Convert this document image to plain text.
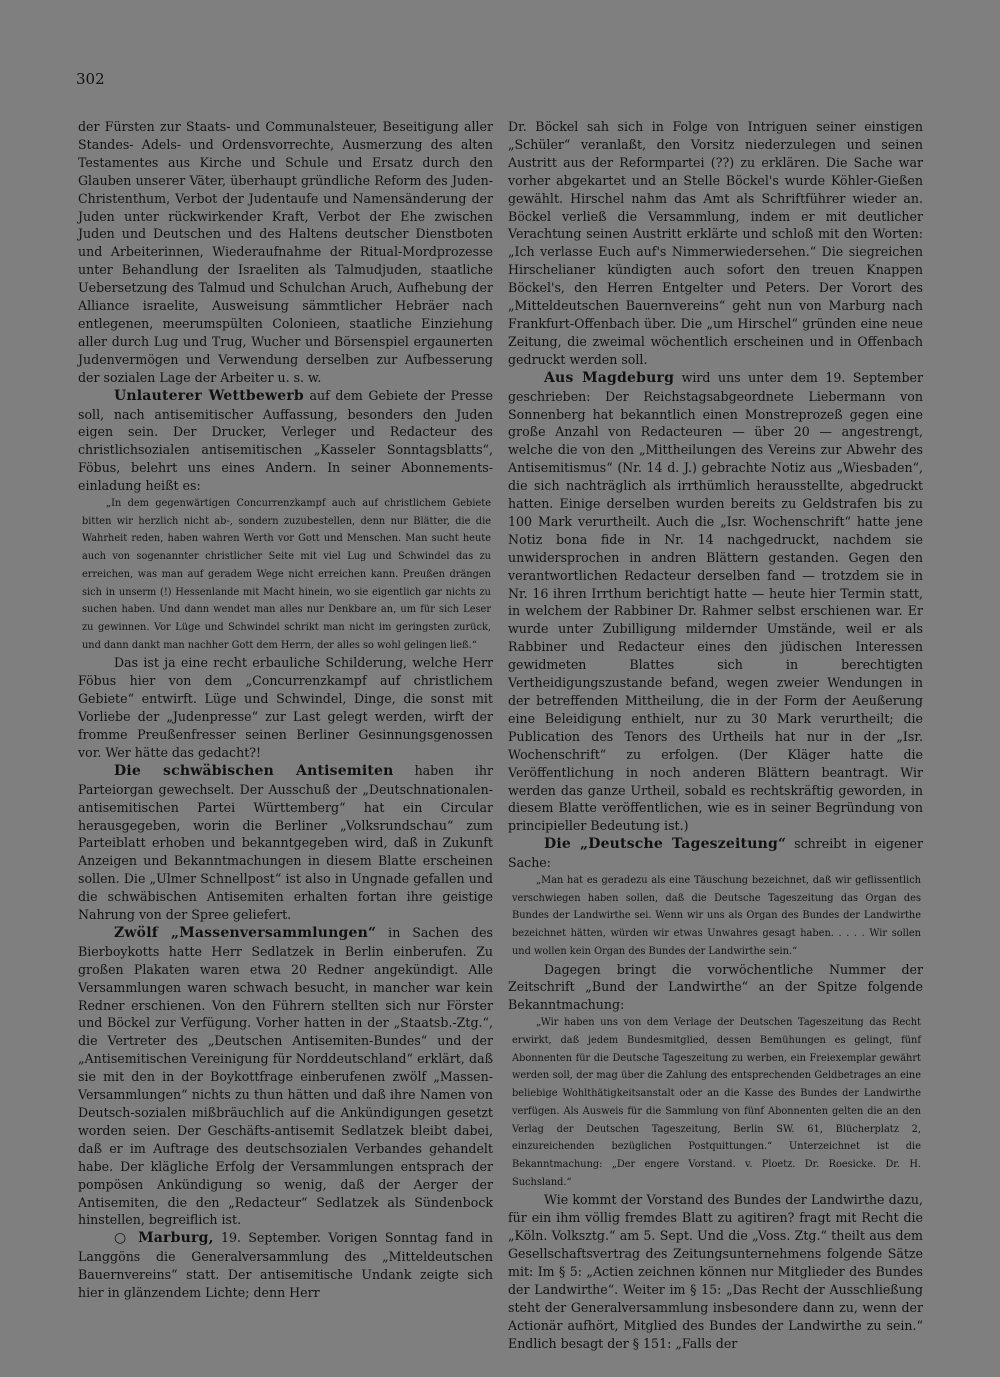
302

der Fürsten zur Staats- und Communalsteuer, Beseitigung aller Standes- Adels- und Ordensvorrechte, Ausmerzung des alten Testamentes aus Kirche und Schule und Ersatz durch den Glauben unserer Väter, überhaupt gründliche Reform des Juden-Christenthum, Verbot der Judentaufe und Namensänderung der Juden unter rückwirkender Kraft, Verbot der Ehe zwischen Juden und Deutschen und des Haltens deutscher Dienstboten und Arbeiterinnen, Wiederaufnahme der Ritual-Mordprozesse unter Behandlung der Israeliten als Talmudjuden, staatliche Uebersetzung des Talmud und Schulchan Aruch, Aufhebung der Alliance israelite, Ausweisung sämmtlicher Hebräer nach entlegenen, meerumspülten Colonieen, staatliche Einziehung aller durch Lug und Trug, Wucher und Börsenspiel ergaunerten Judenvermögen und Verwendung derselben zur Aufbesserung der sozialen Lage der Arbeiter u. s. w.

Unlauterer Wettbewerb auf dem Gebiete der Presse soll, nach antisemitischer Auffassung, besonders den Juden eigen sein. Der Drucker, Verleger und Redacteur des christlichsozialen antisemitischen „Kasseler Sonntagsblatts“, Föbus, belehrt uns eines Andern. In seiner Abonnements-einladung heißt es:

„In dem gegenwärtigen Concurrenzkampf auch auf christlichem Gebiete bitten wir herzlich nicht ab-, sondern zuzubestellen, denn nur Blätter, die die Wahrheit reden, haben wahren Werth vor Gott und Menschen. Man sucht heute auch von sogenannter christlicher Seite mit viel Lug und Schwindel das zu erreichen, was man auf geradem Wege nicht erreichen kann. Preußen drängen sich in unserm (!) Hessenlande mit Macht hinein, wo sie eigentlich gar nichts zu suchen haben. Und dann wendet man alles nur Denkbare an, um für sich Leser zu gewinnen. Vor Lüge und Schwindel schrikt man nicht im geringsten zurück, und dann dankt man nachher Gott dem Herrn, der alles so wohl gelingen ließ.“

Das ist ja eine recht erbauliche Schilderung, welche Herr Föbus hier von dem „Concurrenzkampf auf christlichem Gebiete“ entwirft. Lüge und Schwindel, Dinge, die sonst mit Vorliebe der „Judenpresse“ zur Last gelegt werden, wirft der fromme Preußenfresser seinen Berliner Gesinnungsgenossen vor. Wer hätte das gedacht?!

Die schwäbischen Antisemiten haben ihr Parteiorgan gewechselt. Der Ausschuß der „Deutschnationalen-antisemitischen Partei Württemberg“ hat ein Circular herausgegeben, worin die Berliner „Volksrundschau“ zum Parteiblatt erhoben und bekanntgegeben wird, daß in Zukunft Anzeigen und Bekanntmachungen in diesem Blatte erscheinen sollen. Die „Ulmer Schnellpost“ ist also in Ungnade gefallen und die schwäbischen Antisemiten erhalten fortan ihre geistige Nahrung von der Spree geliefert.

Zwölf „Massenversammlungen“ in Sachen des Bierboykotts hatte Herr Sedlatzek in Berlin einberufen. Zu großen Plakaten waren etwa 20 Redner angekündigt. Alle Versammlungen waren schwach besucht, in mancher war kein Redner erschienen. Von den Führern stellten sich nur Förster und Böckel zur Verfügung. Vorher hatten in der „Staatsb.-Ztg.“, die Vertreter des „Deutschen Antisemiten-Bundes“ und der „Antisemitischen Vereinigung für Norddeutschland“ erklärt, daß sie mit den in der Boykottfrage einberufenen zwölf „Massen-Versammlungen“ nichts zu thun hätten und daß ihre Namen von Deutsch-sozialen mißbräuchlich auf die Ankündigungen gesetzt worden seien. Der Geschäfts-antisemit Sedlatzek bleibt dabei, daß er im Auftrage des deutschsozialen Verbandes gehandelt habe. Der klägliche Erfolg der Versammlungen entsprach der pompösen Ankündigung so wenig, daß der Aerger der Antisemiten, die den „Redacteur“ Sedlatzek als Sündenbock hinstellen, begreiflich ist.

○ Marburg, 19. September. Vorigen Sonntag fand in Langgöns die Generalversammlung des „Mitteldeutschen Bauernvereins“ statt. Der antisemitische Undank zeigte sich hier in glänzendem Lichte; denn Herr

Dr. Böckel sah sich in Folge von Intriguen seiner einstigen „Schüler“ veranlaßt, den Vorsitz niederzulegen und seinen Austritt aus der Reformpartei (??) zu erklären. Die Sache war vorher abgekartet und an Stelle Böckel's wurde Köhler-Gießen gewählt. Hirschel nahm das Amt als Schriftführer wieder an. Böckel verließ die Versammlung, indem er mit deutlicher Verachtung seinen Austritt erklärte und schloß mit den Worten: „Ich verlasse Euch auf's Nimmerwiedersehen.“ Die siegreichen Hirschelianer kündigten auch sofort den treuen Knappen Böckel's, den Herren Entgelter und Peters. Der Vorort des „Mitteldeutschen Bauernvereins“ geht nun von Marburg nach Frankfurt-Offenbach über. Die „um Hirschel“ gründen eine neue Zeitung, die zweimal wöchentlich erscheinen und in Offenbach gedruckt werden soll.

Aus Magdeburg wird uns unter dem 19. September geschrieben: Der Reichstagsabgeordnete Liebermann von Sonnenberg hat bekanntlich einen Monstreprozeß gegen eine große Anzahl von Redacteuren — über 20 — angestrengt, welche die von den „Mittheilungen des Vereins zur Abwehr des Antisemitismus“ (Nr. 14 d. J.) gebrachte Notiz aus „Wiesbaden“, die sich nachträglich als irrthümlich herausstellte, abgedruckt hatten. Einige derselben wurden bereits zu Geldstrafen bis zu 100 Mark verurtheilt. Auch die „Isr. Wochenschrift“ hatte jene Notiz bona fide in Nr. 14 nachgedruckt, nachdem sie unwidersprochen in andren Blättern gestanden. Gegen den verantwortlichen Redacteur derselben fand — trotzdem sie in Nr. 16 ihren Irrthum berichtigt hatte — heute hier Termin statt, in welchem der Rabbiner Dr. Rahmer selbst erschienen war. Er wurde unter Zubilligung mildernder Umstände, weil er als Rabbiner und Redacteur eines den jüdischen Interessen gewidmeten Blattes sich in berechtigten Vertheidigungszustande befand, wegen zweier Wendungen in der betreffenden Mittheilung, die in der Form der Aeußerung eine Beleidigung enthielt, nur zu 30 Mark verurtheilt; die Publication des Tenors des Urtheils hat nur in der „Isr. Wochenschrift“ zu erfolgen. (Der Kläger hatte die Veröffentlichung in noch anderen Blättern beantragt. Wir werden das ganze Urtheil, sobald es rechtskräftig geworden, in diesem Blatte veröffentlichen, wie es in seiner Begründung von principieller Bedeutung ist.)

Die „Deutsche Tageszeitung“ schreibt in eigener Sache:

„Man hat es geradezu als eine Täuschung bezeichnet, daß wir geflissentlich verschwiegen haben sollen, daß die Deutsche Tageszeitung das Organ des Bundes der Landwirthe sei. Wenn wir uns als Organ des Bundes der Landwirthe bezeichnet hätten, würden wir etwas Unwahres gesagt haben. . . . . Wir sollen und wollen kein Organ des Bundes der Landwirthe sein.“

Dagegen bringt die vorwöchentliche Nummer der Zeitschrift „Bund der Landwirthe“ an der Spitze folgende Bekanntmachung:

„Wir haben uns von dem Verlage der Deutschen Tageszeitung das Recht erwirkt, daß jedem Bundesmitglied, dessen Bemühungen es gelingt, fünf Abonnenten für die Deutsche Tageszeitung zu werben, ein Freiexemplar gewährt werden soll, der mag über die Zahlung des entsprechenden Geldbetrages an eine beliebige Wohlthätigkeitsanstalt oder an die Kasse des Bundes der Landwirthe verfügen. Als Ausweis für die Sammlung von fünf Abonnenten gelten die an den Verlag der Deutschen Tageszeitung, Berlin SW. 61, Blücherplatz 2, einzureichenden bezüglichen Postquittungen.“ Unterzeichnet ist die Bekanntmachung: „Der engere Vorstand. v. Ploetz. Dr. Roesicke. Dr. H. Suchsland.“

Wie kommt der Vorstand des Bundes der Landwirthe dazu, für ein ihm völlig fremdes Blatt zu agitiren? fragt mit Recht die „Köln. Volksztg.“ am 5. Sept. Und die „Voss. Ztg.“ theilt aus dem Gesellschaftsvertrag des Zeitungsunternehmens folgende Sätze mit: Im § 5: „Actien zeichnen können nur Mitglieder des Bundes der Landwirthe“. Weiter im § 15: „Das Recht der Ausschließung steht der Generalversammlung insbesondere dann zu, wenn der Actionär aufhört, Mitglied des Bundes der Landwirthe zu sein.“ Endlich besagt der § 151: „Falls der
